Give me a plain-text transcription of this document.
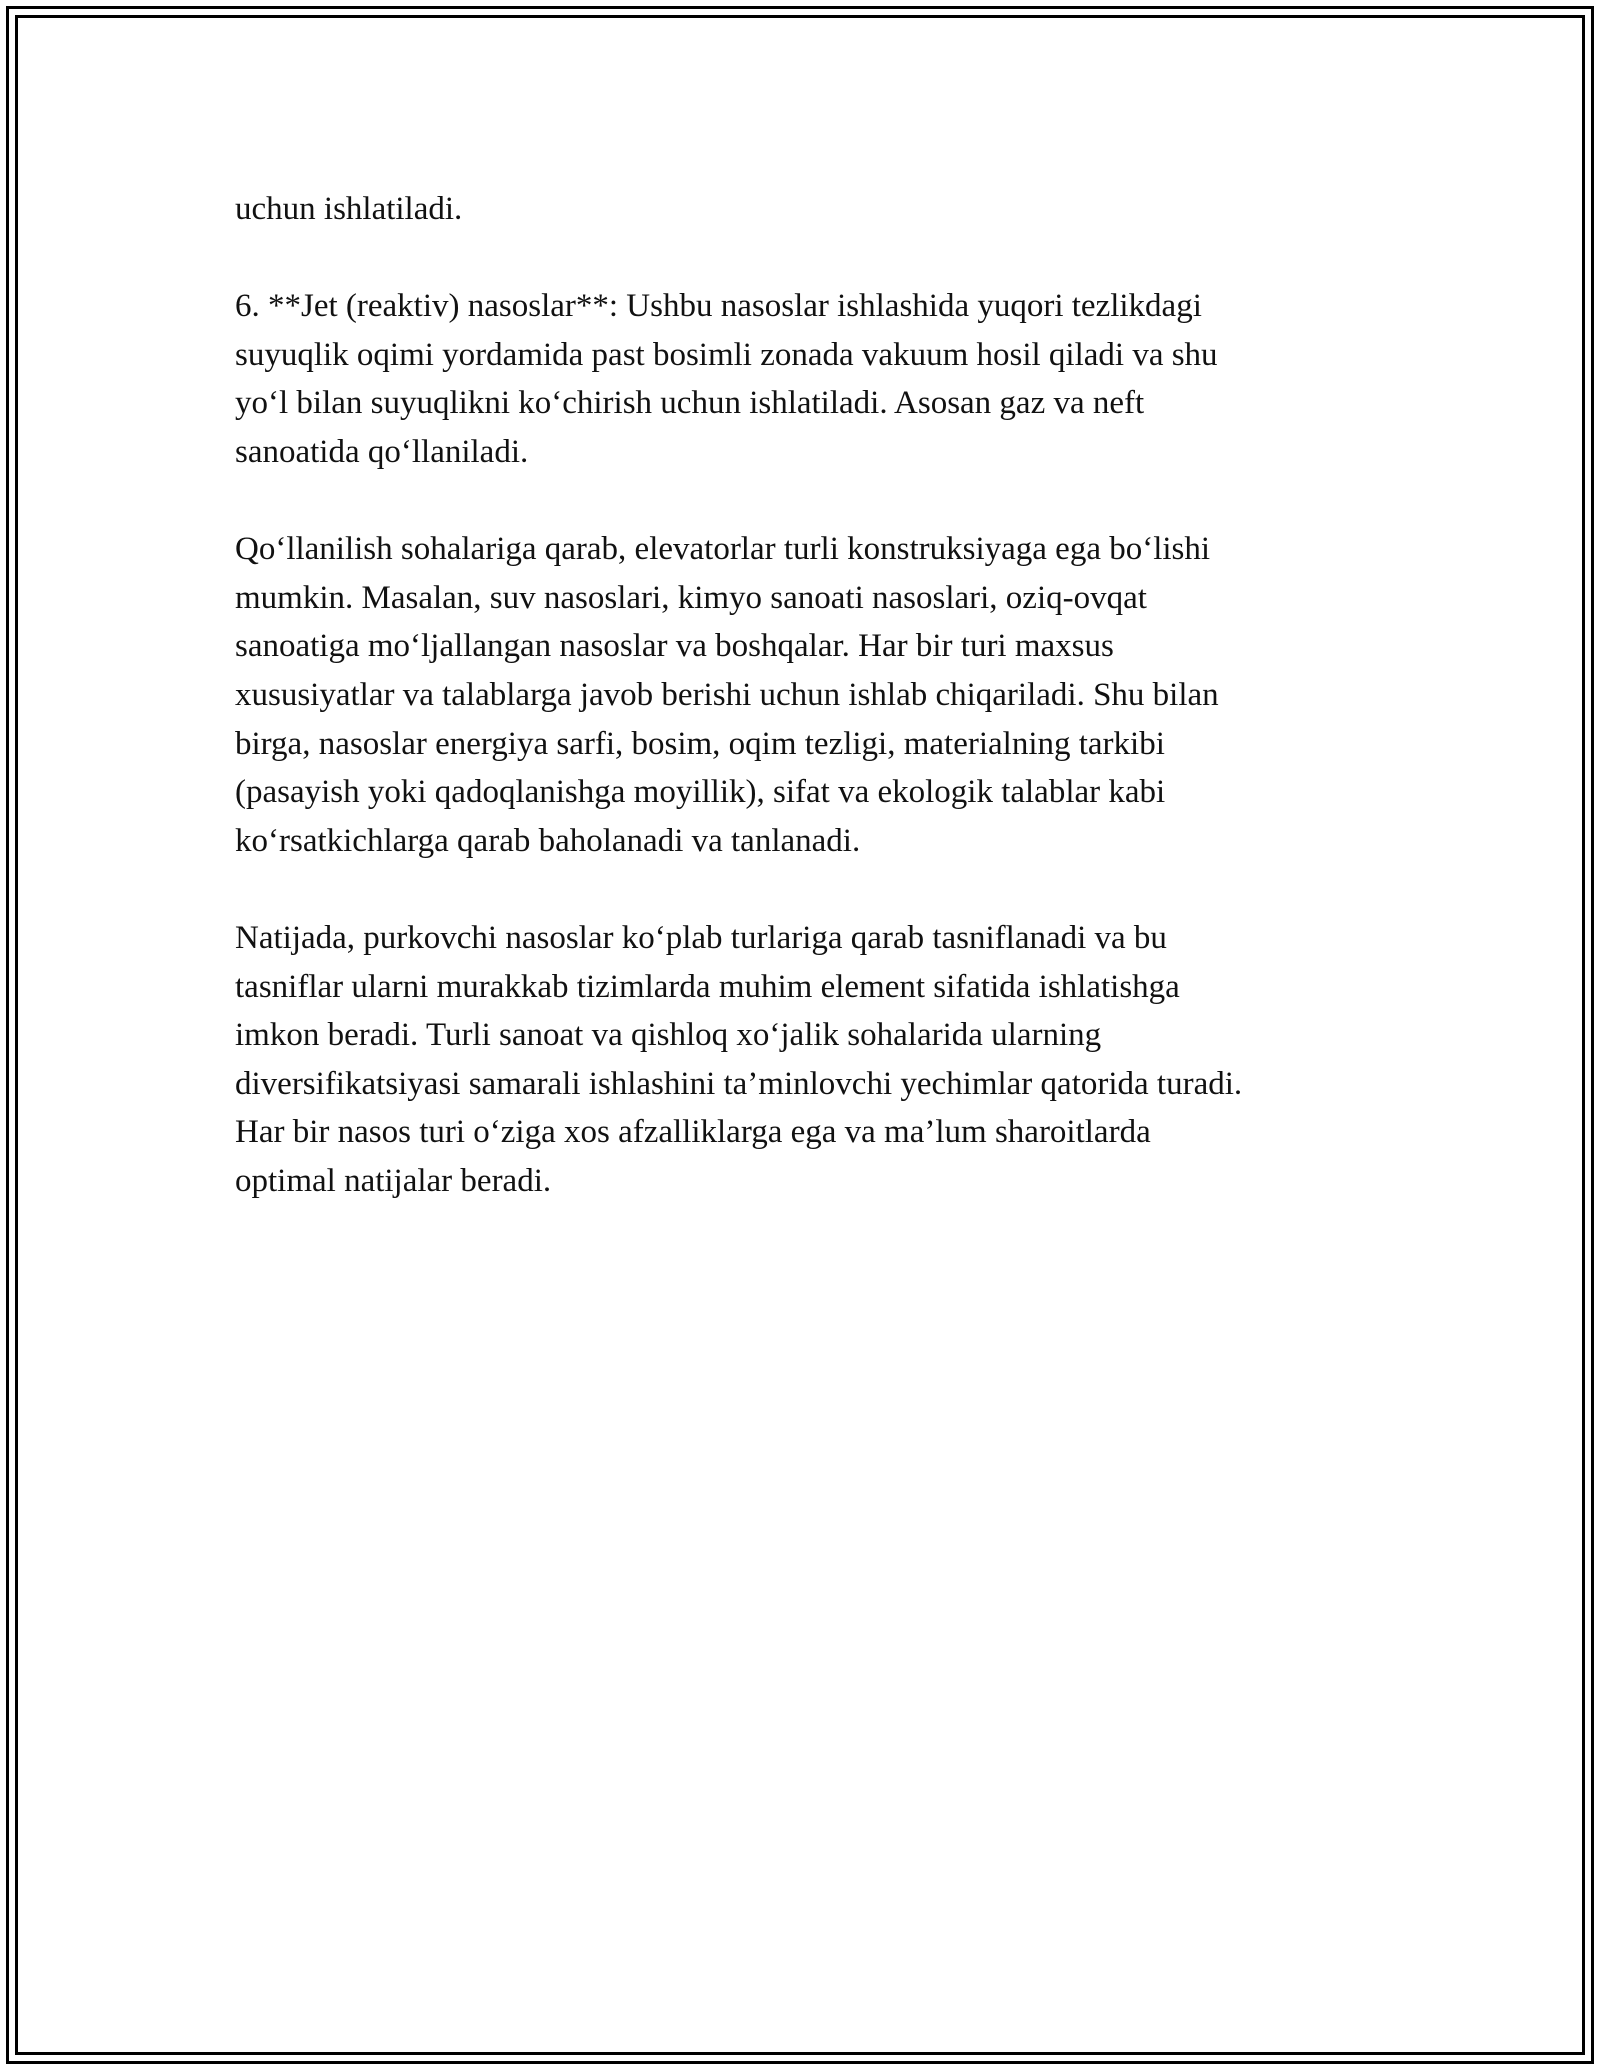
uchun ishlatiladi.

6. **Jet (reaktiv) nasoslar**: Ushbu nasoslar ishlashida yuqori tezlikdagi
suyuqlik oqimi yordamida past bosimli zonada vakuum hosil qiladi va shu
yo‘l bilan suyuqlikni ko‘chirish uchun ishlatiladi. Asosan gaz va neft
sanoatida qo‘llaniladi.

Qo‘llanilish sohalariga qarab, elevatorlar turli konstruksiyaga ega bo‘lishi
mumkin. Masalan, suv nasoslari, kimyo sanoati nasoslari, oziq-ovqat
sanoatiga mo‘ljallangan nasoslar va boshqalar. Har bir turi maxsus
xususiyatlar va talablarga javob berishi uchun ishlab chiqariladi. Shu bilan
birga, nasoslar energiya sarfi, bosim, oqim tezligi, materialning tarkibi
(pasayish yoki qadoqlanishga moyillik), sifat va ekologik talablar kabi
ko‘rsatkichlarga qarab baholanadi va tanlanadi.

Natijada, purkovchi nasoslar ko‘plab turlariga qarab tasniflanadi va bu
tasniflar ularni murakkab tizimlarda muhim element sifatida ishlatishga
imkon beradi. Turli sanoat va qishloq xo‘jalik sohalarida ularning
diversifikatsiyasi samarali ishlashini ta’minlovchi yechimlar qatorida turadi.
Har bir nasos turi o‘ziga xos afzalliklarga ega va ma’lum sharoitlarda
optimal natijalar beradi.
